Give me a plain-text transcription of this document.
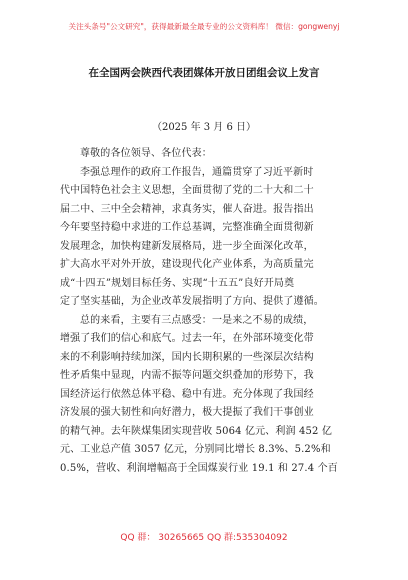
关注头条号"公文研究"，获得最新最全最专业的公文资料库！ 微信：gongwenyj
在全国两会陕西代表团媒体开放日团组会议上发言
（2025 年 3 月 6 日）
尊敬的各位领导、各位代表：
李强总理作的政府工作报告，通篇贯穿了习近平新时
代中国特色社会主义思想，全面贯彻了党的二十大和二十
届二中、三中全会精神，求真务实，催人奋进。报告指出
今年要坚持稳中求进的工作总基调，完整准确全面贯彻新
发展理念，加快构建新发展格局，进一步全面深化改革，
扩大高水平对外开放，建设现代化产业体系，为高质量完
成“十四五”规划目标任务、实现“十五五”良好开局奠
定了坚实基础，为企业改革发展指明了方向、提供了遵循。
总的来看，主要有三点感受：一是来之不易的成绩，
增强了我们的信心和底气。过去一年，在外部环境变化带
来的不利影响持续加深，国内长期积累的一些深层次结构
性矛盾集中显现，内需不振等问题交织叠加的形势下，我
国经济运行依然总体平稳、稳中有进。充分体现了我国经
济发展的强大韧性和向好潜力，极大提振了我们干事创业
的精气神。去年陕煤集团实现营收 5064 亿元、利润 452 亿
元、工业总产值 3057 亿元，分别同比增长 8.3%、5.2%和
0.5%，营收、利润增幅高于全国煤炭行业 19.1 和 27.4 个百
QQ 群： 30265665 QQ 群:535304092
